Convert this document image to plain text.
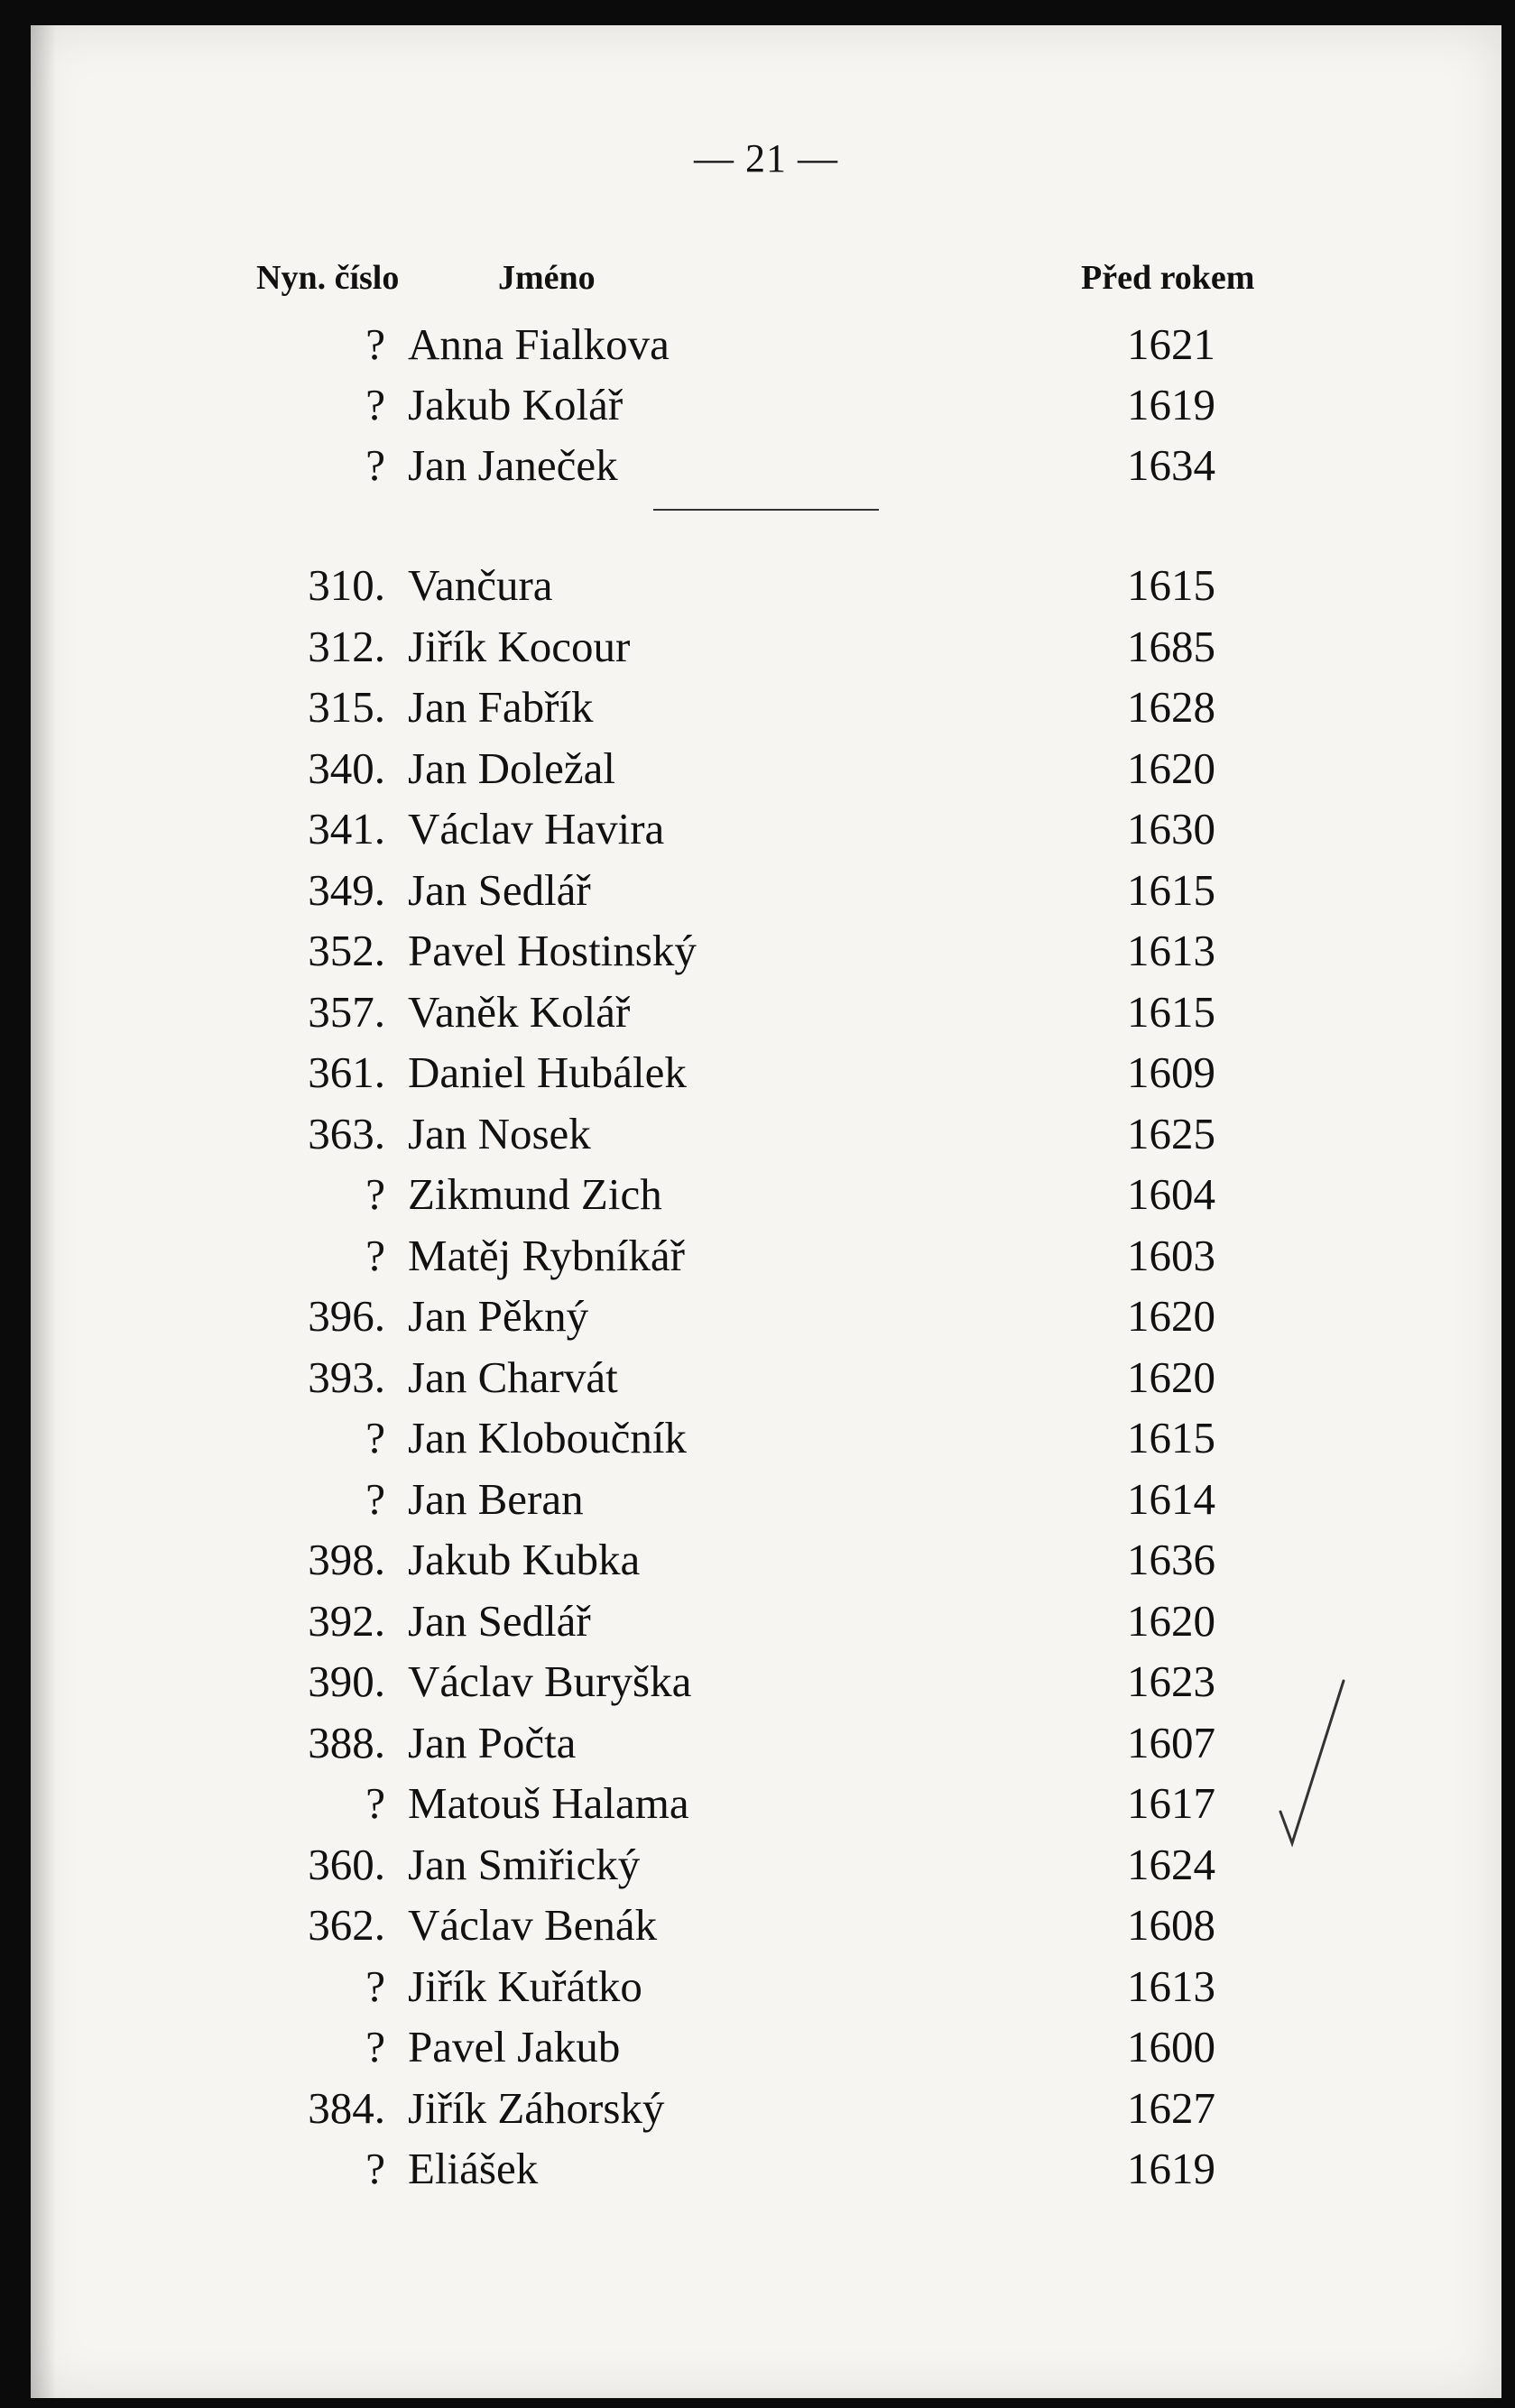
— 21 —
Nyn. číslo	Jméno	Před rokem
? Anna Fialkova	1621
? Jakub Kolář	1619
? Jan Janeček	1634
310. Vančura	1615
312. Jiřík Kocour	1685
315. Jan Fabřík	1628
340. Jan Doležal	1620
341. Václav Havira	1630
349. Jan Sedlář	1615
352. Pavel Hostinský	1613
357. Vaněk Kolář	1615
361. Daniel Hubálek	1609
363. Jan Nosek	1625
? Zikmund Zich	1604
? Matěj Rybníkář	1603
396. Jan Pěkný	1620
393. Jan Charvát	1620
? Jan Kloboučník	1615
? Jan Beran	1614
398. Jakub Kubka	1636
392. Jan Sedlář	1620
390. Václav Buryška	1623
388. Jan Počta	1607
? Matouš Halama	1617
360. Jan Smiřický	1624
362. Václav Benák	1608
? Jiřík Kuřátko	1613
? Pavel Jakub	1600
384. Jiřík Záhorský	1627
? Eliášek	1619
